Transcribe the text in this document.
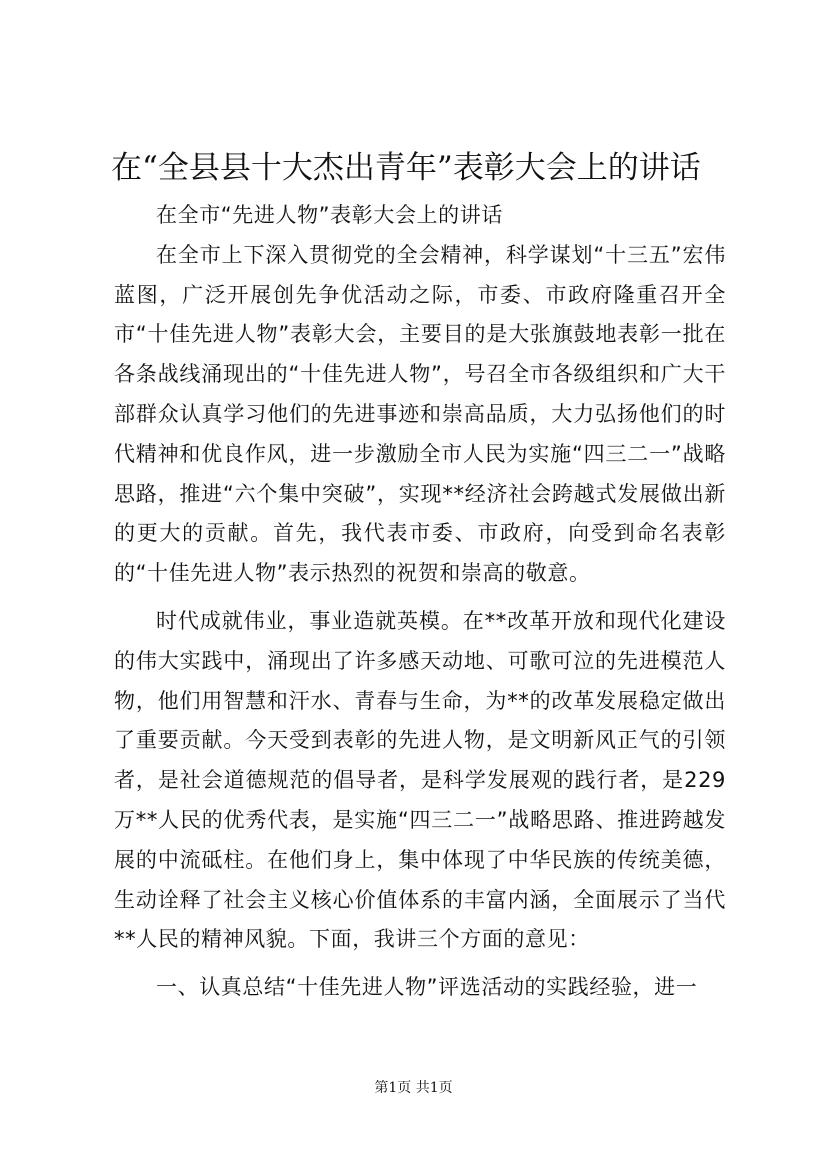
在“全县县十大杰出青年”表彰大会上的讲话

在全市“先进人物”表彰大会上的讲话

在全市上下深入贯彻党的全会精神，科学谋划“十三五”宏伟蓝图，广泛开展创先争优活动之际，市委、市政府隆重召开全市“十佳先进人物”表彰大会，主要目的是大张旗鼓地表彰一批在各条战线涌现出的“十佳先进人物”，号召全市各级组织和广大干部群众认真学习他们的先进事迹和崇高品质，大力弘扬他们的时代精神和优良作风，进一步激励全市人民为实施“四三二一”战略思路，推进“六个集中突破”，实现**经济社会跨越式发展做出新的更大的贡献。首先，我代表市委、市政府，向受到命名表彰的“十佳先进人物”表示热烈的祝贺和崇高的敬意。

时代成就伟业，事业造就英模。在**改革开放和现代化建设的伟大实践中，涌现出了许多感天动地、可歌可泣的先进模范人物，他们用智慧和汗水、青春与生命，为**的改革发展稳定做出了重要贡献。今天受到表彰的先进人物，是文明新风正气的引领者，是社会道德规范的倡导者，是科学发展观的践行者，是229万**人民的优秀代表，是实施“四三二一”战略思路、推进跨越发展的中流砥柱。在他们身上，集中体现了中华民族的传统美德，生动诠释了社会主义核心价值体系的丰富内涵，全面展示了当代**人民的精神风貌。下面，我讲三个方面的意见：

一、认真总结“十佳先进人物”评选活动的实践经验，进一

第1页 共1页
